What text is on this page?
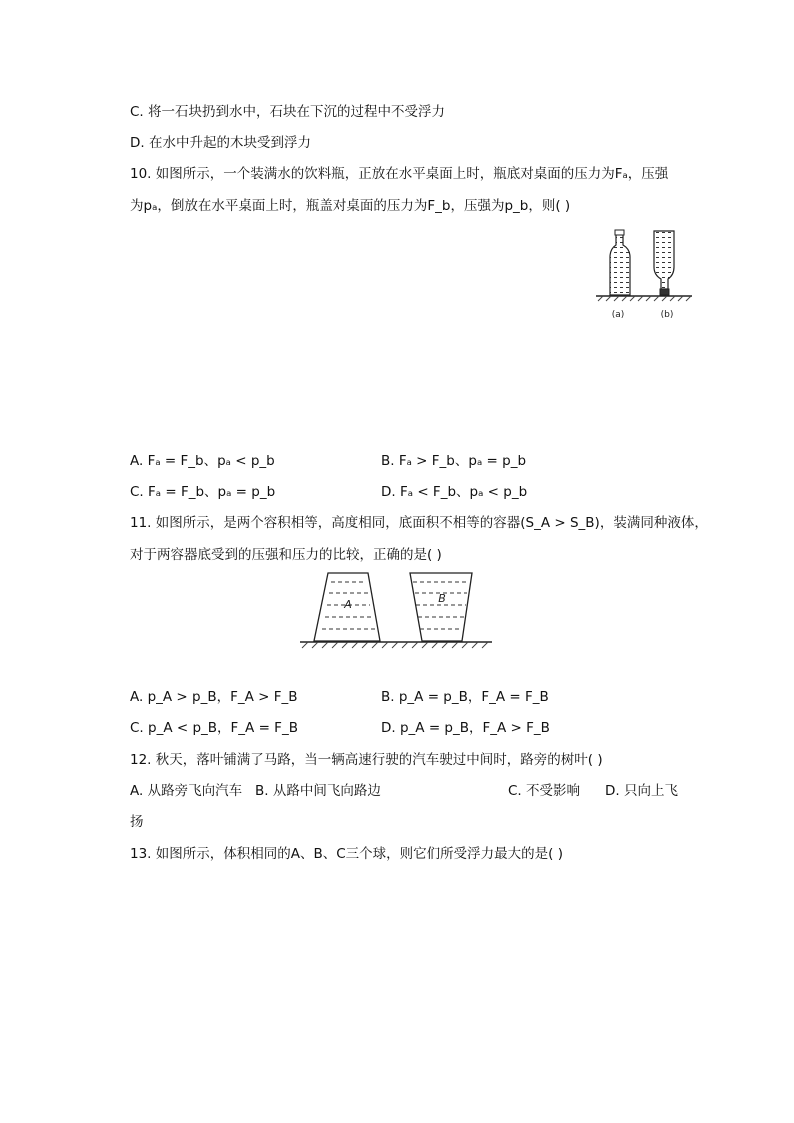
C. 将一石块扔到水中，石块在下沉的过程中不受浮力
D. 在水中升起的木块受到浮力
10. 如图所示，一个装满水的饮料瓶，正放在水平桌面上时，瓶底对桌面的压力为Fₐ，压强
为pₐ，倒放在水平桌面上时，瓶盖对桌面的压力为F_b，压强为p_b，则( )
(a)	(b)
A. Fₐ = F_b、pₐ < p_b	B. Fₐ > F_b、pₐ = p_b
C. Fₐ = F_b、pₐ = p_b	D. Fₐ < F_b、pₐ < p_b
11. 如图所示，是两个容积相等，高度相同，底面积不相等的容器(S_A > S_B)，装满同种液体，
对于两容器底受到的压强和压力的比较，正确的是( )
A	B
A. p_A > p_B，F_A > F_B	B. p_A = p_B，F_A = F_B
C. p_A < p_B，F_A = F_B	D. p_A = p_B，F_A > F_B
12. 秋天，落叶铺满了马路，当一辆高速行驶的汽车驶过中间时，路旁的树叶( )
A. 从路旁飞向汽车 B. 从路中间飞向路边	C. 不受影响 D. 只向上飞
扬
13. 如图所示，体积相同的A、B、C三个球，则它们所受浮力最大的是( )
